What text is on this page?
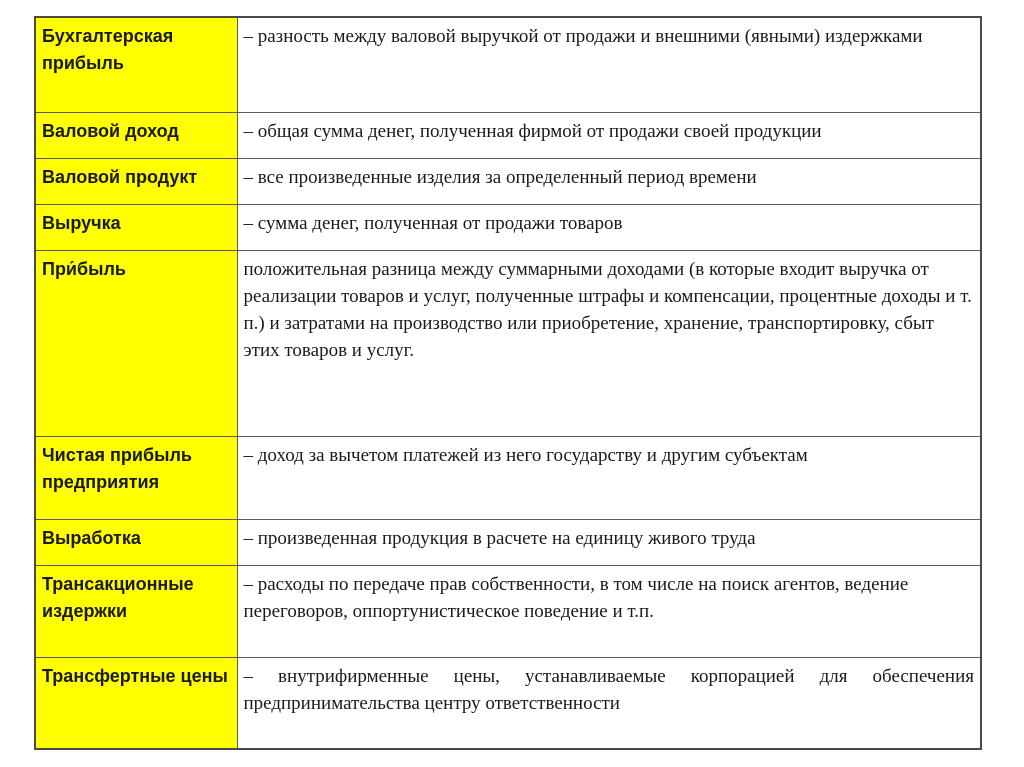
Бухгалтерская прибыль	– разность между валовой выручкой от продажи и внешними (явными) издержками
Валовой доход	– общая сумма денег, полученная фирмой от продажи своей продукции
Валовой продукт	– все произведенные изделия за определенный период времени
Выручка	– сумма денег, полученная от продажи товаров
При́быль	положительная разница между суммарными доходами (в которые входит выручка от реализации товаров и услуг, полученные штрафы и компенсации, процентные доходы и т. п.) и затратами на производство или приобретение, хранение, транспортировку, сбыт этих товаров и услуг.
Чистая прибыль предприятия	– доход за вычетом платежей из него государству и другим субъектам
Выработка	– произведенная продукция в расчете на единицу живого труда
Трансакционные издержки	– расходы по передаче прав собственности, в том числе на поиск агентов, ведение переговоров, оппортунистическое поведение и т.п.
Трансфертные цены	– внутрифирменные цены, устанавливаемые корпорацией для обеспечения предпринимательства центру ответственности
